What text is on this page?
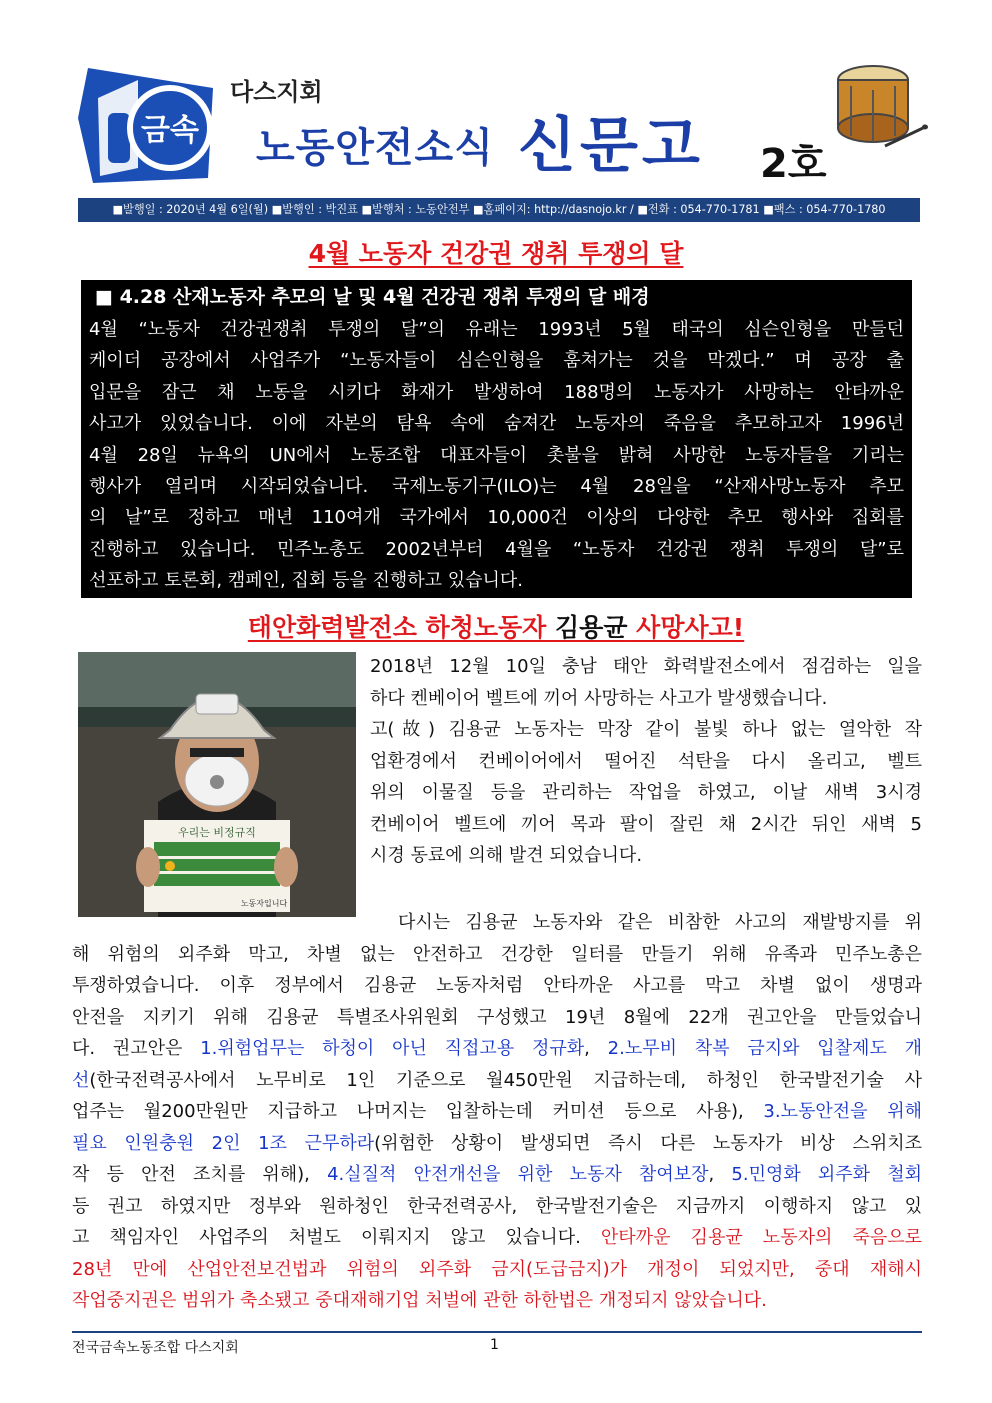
금속
다스지회
노동안전소식 신문고 2호
■발행일 : 2020년 4월 6일(월) ■발행인 : 박진표 ■발행처 : 노동안전부 ■홈페이지: http://dasnojo.kr / ■전화 : 054-770-1781 ■팩스 : 054-770-1780
4월 노동자 건강권 쟁취 투쟁의 달
■ 4.28 산재노동자 추모의 날 및 4월 건강권 쟁취 투쟁의 달 배경
4월 “노동자 건강권쟁취 투쟁의 달”의 유래는 1993년 5월 태국의 심슨인형을 만들던
케이더 공장에서 사업주가 “노동자들이 심슨인형을 훔쳐가는 것을 막겠다.” 며 공장 출
입문을 잠근 채 노동을 시키다 화재가 발생하여 188명의 노동자가 사망하는 안타까운
사고가 있었습니다. 이에 자본의 탐욕 속에 숨져간 노동자의 죽음을 추모하고자 1996년
4월 28일 뉴욕의 UN에서 노동조합 대표자들이 촛불을 밝혀 사망한 노동자들을 기리는
행사가 열리며 시작되었습니다. 국제노동기구(ILO)는 4월 28일을 “산재사망노동자 추모
의 날”로 정하고 매년 110여개 국가에서 10,000건 이상의 다양한 추모 행사와 집회를
진행하고 있습니다. 민주노총도 2002년부터 4월을 “노동자 건강권 쟁취 투쟁의 달”로
선포하고 토론회, 캠페인, 집회 등을 진행하고 있습니다.
태안화력발전소 하청노동자 김용균 사망사고!
우리는 비정규직
노동자입니다
2018년 12월 10일 충남 태안 화력발전소에서 점검하는 일을
하다 켄베이어 벨트에 끼어 사망하는 사고가 발생했습니다.
고(故) 김용균 노동자는 막장 같이 불빛 하나 없는 열악한 작
업환경에서 컨베이어에서 떨어진 석탄을 다시 올리고, 벨트
위의 이물질 등을 관리하는 작업을 하였고, 이날 새벽 3시경
컨베이어 벨트에 끼어 목과 팔이 잘린 채 2시간 뒤인 새벽 5
시경 동료에 의해 발견 되었습니다.
다시는 김용균 노동자와 같은 비참한 사고의 재발방지를 위
해 위험의 외주화 막고, 차별 없는 안전하고 건강한 일터를 만들기 위해 유족과 민주노총은
투쟁하였습니다. 이후 정부에서 김용균 노동자처럼 안타까운 사고를 막고 차별 없이 생명과
안전을 지키기 위해 김용균 특별조사위원회 구성했고 19년 8월에 22개 권고안을 만들었습니
다. 권고안은 1.위험업무는 하청이 아닌 직접고용 정규화, 2.노무비 착복 금지와 입찰제도 개
선(한국전력공사에서 노무비로 1인 기준으로 월450만원 지급하는데, 하청인 한국발전기술 사
업주는 월200만원만 지급하고 나머지는 입찰하는데 커미션 등으로 사용), 3.노동안전을 위해
필요 인원충원 2인 1조 근무하라(위험한 상황이 발생되면 즉시 다른 노동자가 비상 스위치조
작 등 안전 조치를 위해), 4.실질적 안전개선을 위한 노동자 참여보장, 5.민영화 외주화 철회
등 권고 하였지만 정부와 원하청인 한국전력공사, 한국발전기술은 지금까지 이행하지 않고 있
고 책임자인 사업주의 처벌도 이뤄지지 않고 있습니다. 안타까운 김용균 노동자의 죽음으로
28년 만에 산업안전보건법과 위험의 외주화 금지(도급금지)가 개정이 되었지만, 중대 재해시
작업중지권은 범위가 축소됐고 중대재해기업 처벌에 관한 하한법은 개정되지 않았습니다.
전국금속노동조합 다스지회	1
